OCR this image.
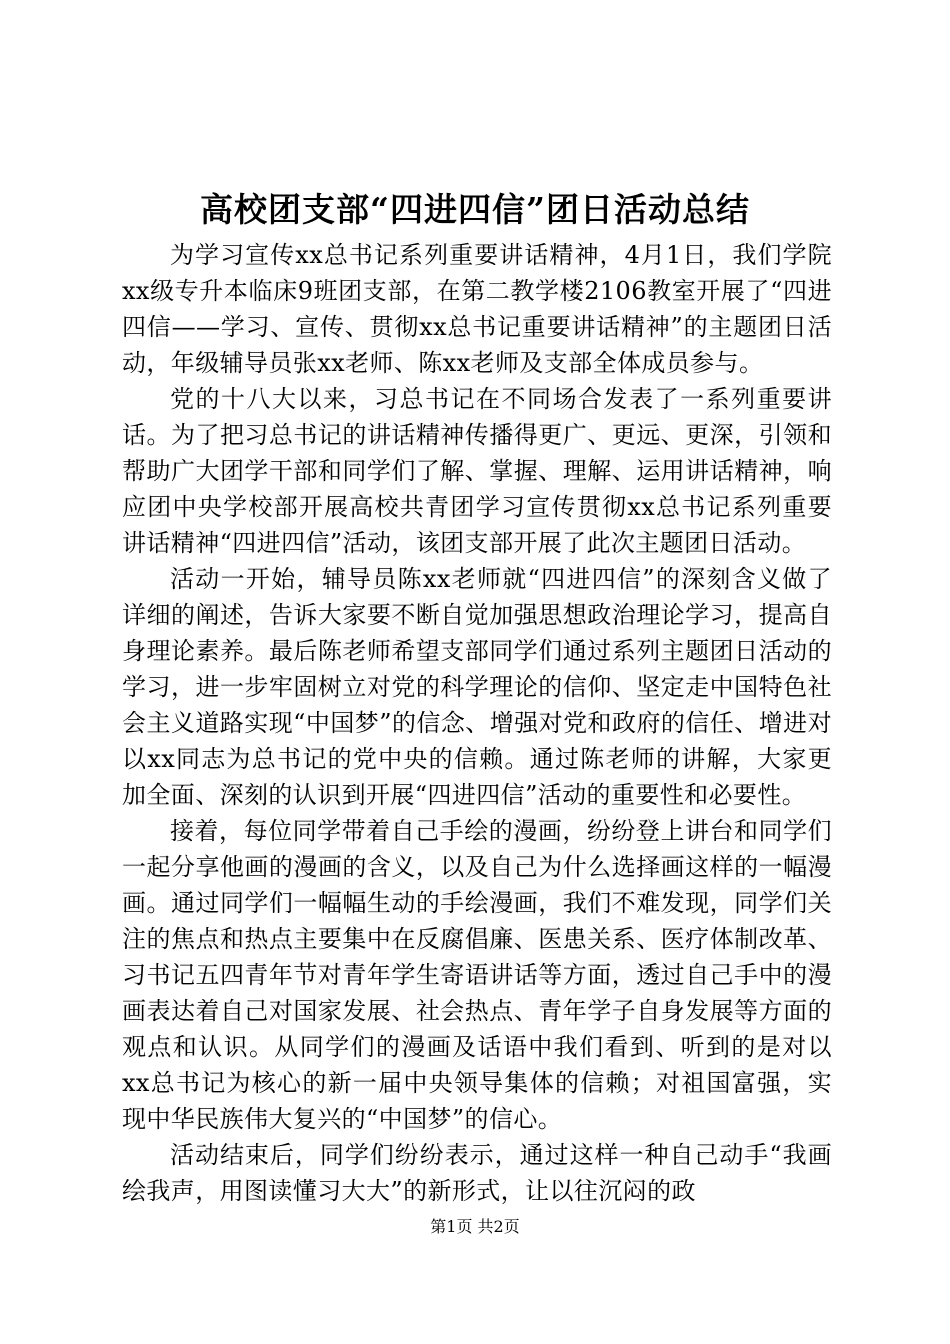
高校团支部“四进四信”团日活动总结

为学习宣传xx总书记系列重要讲话精神，4月1日，我们学院xx级专升本临床9班团支部，在第二教学楼2106教室开展了“四进四信——学习、宣传、贯彻xx总书记重要讲话精神”的主题团日活动，年级辅导员张xx老师、陈xx老师及支部全体成员参与。

党的十八大以来，习总书记在不同场合发表了一系列重要讲话。为了把习总书记的讲话精神传播得更广、更远、更深，引领和帮助广大团学干部和同学们了解、掌握、理解、运用讲话精神，响应团中央学校部开展高校共青团学习宣传贯彻xx总书记系列重要讲话精神“四进四信”活动，该团支部开展了此次主题团日活动。

活动一开始，辅导员陈xx老师就“四进四信”的深刻含义做了详细的阐述，告诉大家要不断自觉加强思想政治理论学习，提高自身理论素养。最后陈老师希望支部同学们通过系列主题团日活动的学习，进一步牢固树立对党的科学理论的信仰、坚定走中国特色社会主义道路实现“中国梦”的信念、增强对党和政府的信任、增进对以xx同志为总书记的党中央的信赖。通过陈老师的讲解，大家更加全面、深刻的认识到开展“四进四信”活动的重要性和必要性。

接着，每位同学带着自己手绘的漫画，纷纷登上讲台和同学们一起分享他画的漫画的含义，以及自己为什么选择画这样的一幅漫画。通过同学们一幅幅生动的手绘漫画，我们不难发现，同学们关注的焦点和热点主要集中在反腐倡廉、医患关系、医疗体制改革、习书记五四青年节对青年学生寄语讲话等方面，透过自己手中的漫画表达着自己对国家发展、社会热点、青年学子自身发展等方面的观点和认识。从同学们的漫画及话语中我们看到、听到的是对以xx总书记为核心的新一届中央领导集体的信赖；对祖国富强，实现中华民族伟大复兴的“中国梦”的信心。

活动结束后，同学们纷纷表示，通过这样一种自己动手“我画绘我声，用图读懂习大大”的新形式，让以往沉闷的政

第1页 共2页
